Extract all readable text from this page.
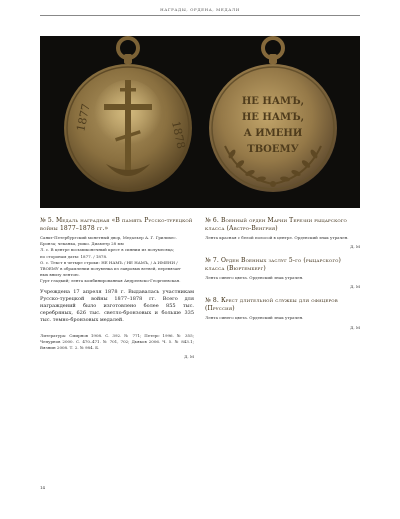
НАГРАДЫ, ОРДЕНА, МЕДАЛИ
1877
1878
НЕ НАМЪ,
НЕ НАМЪ,
А ИМЕНИ
ТВОЕМУ

№ 5. Медаль наградная «В память Русско-турецкой войны 1877–1878 гг.»

Санкт-Петербургский монетный двор, Медальер А. Г. Грилихес.

Бронза; чеканка, ушко. Диаметр 28 мм

Л. с. В центре восьмиконечный крест в сиянии из полумесяца;

по сторонам даты: 1877. / 1878.

О. с. Текст в четыре строки: НЕ НАМЪ / НЕ НАМЪ, / А ИМЕНИ /

ТВОЕМУ в обрамлении полувенка из лавровых ветвей, перевязан-

ных внизу лентою.

Гурт гладкий; лента комбинированная Андреевско-Георгиевская.

Учреждена 17 апреля 1878 г. Выдавалась участникам Русско-турецкой войны 1877–1878 гг. Всего для награждений было изготовлено более 855 тыс. серебряных, 626 тыс. светло-бронзовых и больше 335 тыс. темно-бронзовых медалей.

Литература: Смирнов 1908. С. 392. № 771; Петерс 1996. № 355; Чепурнов 2000. С. 470–471. № 701, 702; Дьяков 2006. Ч. 5. № 843.1; Вязнин 2008. Т. 2. № 984. Б.

Д. М

№ 6. Военный орден Марии Терезии рыцарского класса (Австро-Венгрия)

Лента красная с белой полосой в центре. Орденский знак утрачен.

Д. М

№ 7. Орден Военных заслуг 5-го (рыцарского) класса (Вюртемберг)

Лента синего цвета. Орденский знак утрачен.

Д. М

№ 8. Крест длительной службы для офицеров (Пруссия)

Лента синего цвета. Орденский знак утрачен.

Д. М

14
